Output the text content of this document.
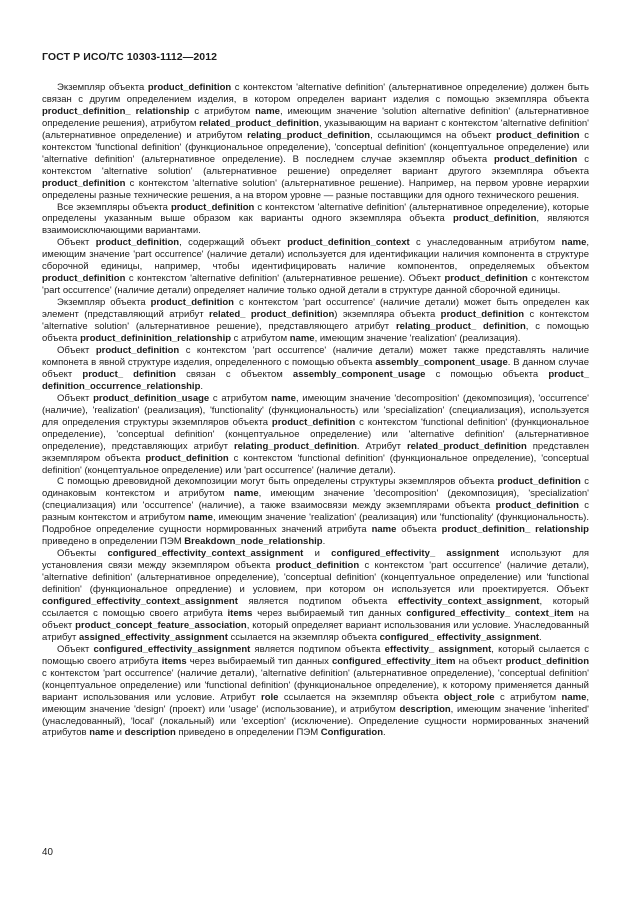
ГОСТ Р ИСО/ТС 10303-1112—2012

Экземпляр объекта product_definition с контекстом 'alternative definition' (альтернативное определение) должен быть связан с другим определением изделия, в котором определен вариант изделия с помощью экземпляра объекта product_definition_ relationship с атрибутом name, имеющим значение 'solution alternative definition' (альтернативное определение решения), атрибутом related_product_definition, указывающим на вариант с контекстом 'alternative definition' (альтернативное определение) и атрибутом relating_product_definition, ссылающимся на объект product_definition с контекстом 'functional definition' (функциональное определение), 'conceptual definition' (концептуальное определение) или 'alternative definition' (альтернативное определение). В последнем случае экземпляр объекта product_definition с контекстом 'alternative solution' (альтернативное решение) определяет вариант другого экземпляра объекта product_definition с контекстом 'alternative solution' (альтернативное решение). Например, на первом уровне иерархии определены разные технические решения, а на втором уровне — разные поставщики для одного технического решения.

Все экземпляры объекта product_definition с контекстом 'alternative definition' (альтернативное определение), которые определены указанным выше образом как варианты одного экземпляра объекта product_definition, являются взаимоисключающими вариантами.

Объект product_definition, содержащий объект product_definition_context с унаследованным атрибутом name, имеющим значение 'part occurrence' (наличие детали) используется для идентификации наличия компонента в структуре сборочной единицы, например, чтобы идентифицировать наличие компонентов, определяемых объектом product_definition с контекстом 'alternative definition' (альтернативное решение). Объект product_definition с контекстом 'part occurrence' (наличие детали) определяет наличие только одной детали в структуре данной сборочной единицы.

Экземпляр объекта product_definition с контекстом 'part occurrence' (наличие детали) может быть определен как элемент (представляющий атрибут related_ product_definition) экземпляра объекта product_definition с контекстом 'alternative solution' (альтернативное решение), представляющего атрибут relating_product_ definition, с помощью объекта product_defininition_relationship с атрибутом name, имеющим значение 'realization' (реализация).

Объект product_definition с контекстом 'part occurrence' (наличие детали) может также представлять наличие компонета в явной структуре изделия, определенного с помощью объекта assembly_component_usage. В данном случае объект product_ definition связан с объектом assembly_component_usage с помощью объекта product_ definition_occurrence_relationship.

Объект product_definition_usage с атрибутом name, имеющим значение 'decomposition' (декомпозиция), 'occurrence' (наличие), 'realization' (реализация), 'functionality' (функциональность) или 'specialization' (специализация), используется для определения структуры экземпляров объекта product_definition с контекстом 'functional definition' (функциональное определение), 'conceptual definition' (концептуальное определение) или 'alternative definition' (альтернативное определение), представляющих атрибут relating_product_definition. Атрибут related_product_definition представлен экземпляром объекта product_definition с контекстом 'functional definition' (функциональное определение), 'conceptual definition' (концептуальное определение) или 'part occurrence' (наличие детали).

С помощью древовидной декомпозиции могут быть определены структуры экземпляров объекта product_definition с одинаковым контекстом и атрибутом name, имеющим значение 'decomposition' (декомпозиция), 'specialization' (специализация) или 'occurrence' (наличие), а также взаимосвязи между экземплярами объекта product_definition с разным контекстом и атрибутом name, имеющим значение 'realization' (реализация) или 'functionality' (функциональность). Подробное определение сущности нормированных значений атрибута name объекта product_definition_ relationship приведено в определении ПЭМ Breakdown_node_relationship.

Объекты configured_effectivity_context_assignment и configured_effectivity_ assignment используют для установления связи между экземпляром объекта product_definition с контекстом 'part occurrence' (наличие детали), 'alternative definition' (альтернативное определение), 'conceptual definition' (концептуальное определение) или 'functional definition' (функциональное опредление) и условием, при котором он используется или проектируется. Объект configured_effectivity_context_assignment является подтипом объекта effectivity_context_assignment, который ссылается с помощью своего атрибута items через выбираемый тип данных configured_effectivity_ context_item на объект product_concept_feature_association, который определяет вариант использования или условие. Унаследованный атрибут assigned_effectivity_assignment ссылается на экземпляр объекта configured_ effectivity_assignment.

Объект configured_effectivity_assignment является подтипом объекта effectivity_ assignment, который сылается с помощью своего атрибута items через выбираемый тип данных configured_effectivity_item на объект product_definition с контекстом 'part occurrence' (наличие детали), 'alternative definition' (альтернативное определение), 'conceptual definition' (концептуальное определение) или 'functional definition' (функциональное определение), к которому применяется данный вариант использования или условие. Атрибут role ссылается на экземпляр объекта object_role с атрибутом name, имеющим значение 'design' (проект) или 'usage' (использование), и атрибутом description, имеющим значение 'inherited' (унаследованный), 'local' (локальный) или 'exception' (исключение). Определение сущности нормированных значений атрибутов name и description приведено в определении ПЭМ Configuration.

40
